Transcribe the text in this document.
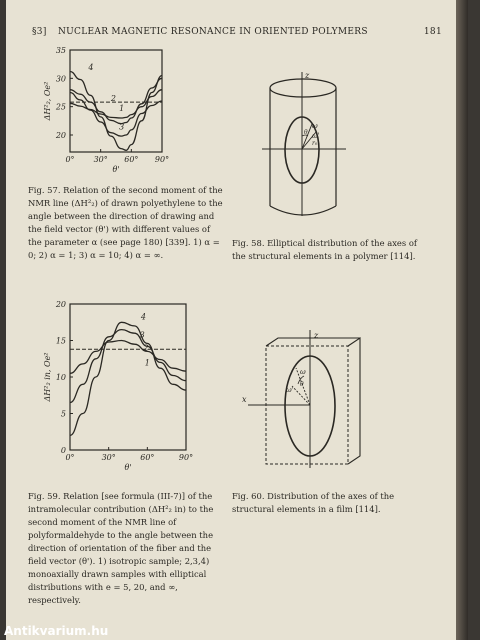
§3] NUCLEAR MAGNETIC RESONANCE IN ORIENTED POLYMERS	181
0° 30° 60° 90°
20
25
30
35
θ'
ΔH²₂, Oe²	1
2
3
4
z
ω
ω'
θ
r₀₁

Fig. 57. Relation of the second moment of the NMR line (ΔH²₂) of drawn polyethylene to the angle between the direction of drawing and the field vector (θ') with different values of the parameter α (see page 180) [339]. 1) α = 0; 2) α = 1; 3) α = 10; 4) α = ∞.

Fig. 58. Elliptical distribution of the axes of the structural elements in a polymer [114].

0°	30°	60°	90°
0
5
10
15
20
θ'
ΔH²₂ in, Oe²	1
2
3
4
z
x
ω
ω'
θ

Fig. 59. Relation [see formula (III-7)] of the intramolecular contribution (ΔH²₂ in) to the second moment of the NMR line of polyformaldehyde to the angle between the direction of orientation of the fiber and the field vector (θ'). 1) isotropic sample; 2,3,4) monoaxially drawn samples with elliptical distributions with e = 5, 20, and ∞, respectively.

Fig. 60. Distribution of the axes of the structural elements in a film [114].

Antikvarium.hu
